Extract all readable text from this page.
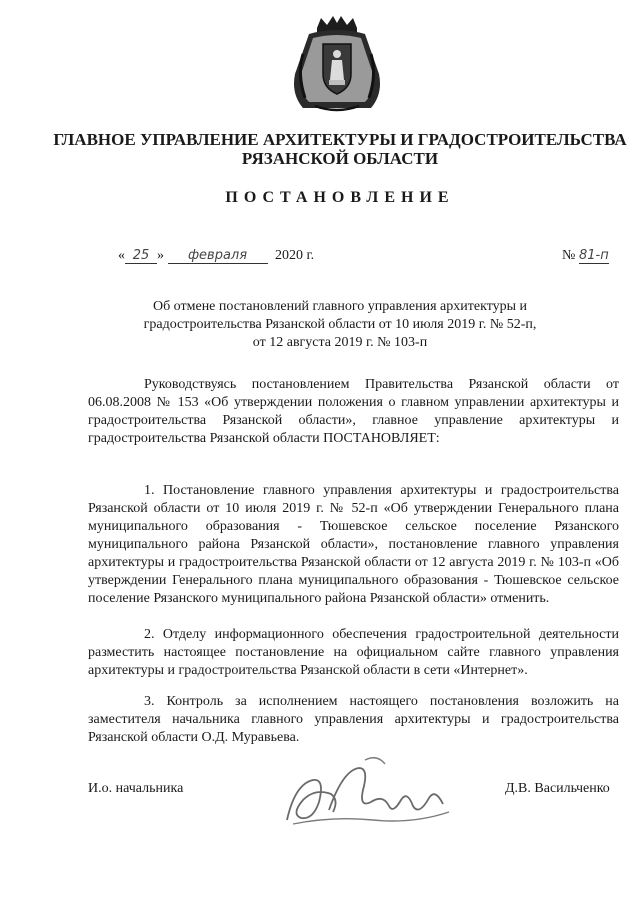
ГЛАВНОЕ УПРАВЛЕНИЕ АРХИТЕКТУРЫ И ГРАДОСТРОИТЕЛЬСТВА
РЯЗАНСКОЙ ОБЛАСТИ
ПОСТАНОВЛЕНИЕ
« 25 » февраля 2020 г.	№ 81-п
Об отмене постановлений главного управления архитектуры и
градостроительства Рязанской области от 10 июля 2019 г. № 52-п,
от 12 августа 2019 г. № 103-п
Руководствуясь постановлением Правительства Рязанской области от 06.08.2008 № 153 «Об утверждении положения о главном управлении архитектуры и градостроительства Рязанской области», главное управление архитектуры и градостроительства Рязанской области ПОСТАНОВЛЯЕТ:
1. Постановление главного управления архитектуры и градостроительства Рязанской области от 10 июля 2019 г. № 52-п «Об утверждении Генерального плана муниципального образования - Тюшевское сельское поселение Рязанского муниципального района Рязанской области», постановление главного управления архитектуры и градостроительства Рязанской области от 12 августа 2019 г. № 103-п «Об утверждении Генерального плана муниципального образования - Тюшевское сельское поселение Рязанского муниципального района Рязанской области» отменить.
2. Отделу информационного обеспечения градостроительной деятельности разместить настоящее постановление на официальном сайте главного управления архитектуры и градостроительства Рязанской области в сети «Интернет».
3. Контроль за исполнением настоящего постановления возложить на заместителя начальника главного управления архитектуры и градостроительства Рязанской области О.Д. Муравьева.
И.о. начальника	Д.В. Васильченко
